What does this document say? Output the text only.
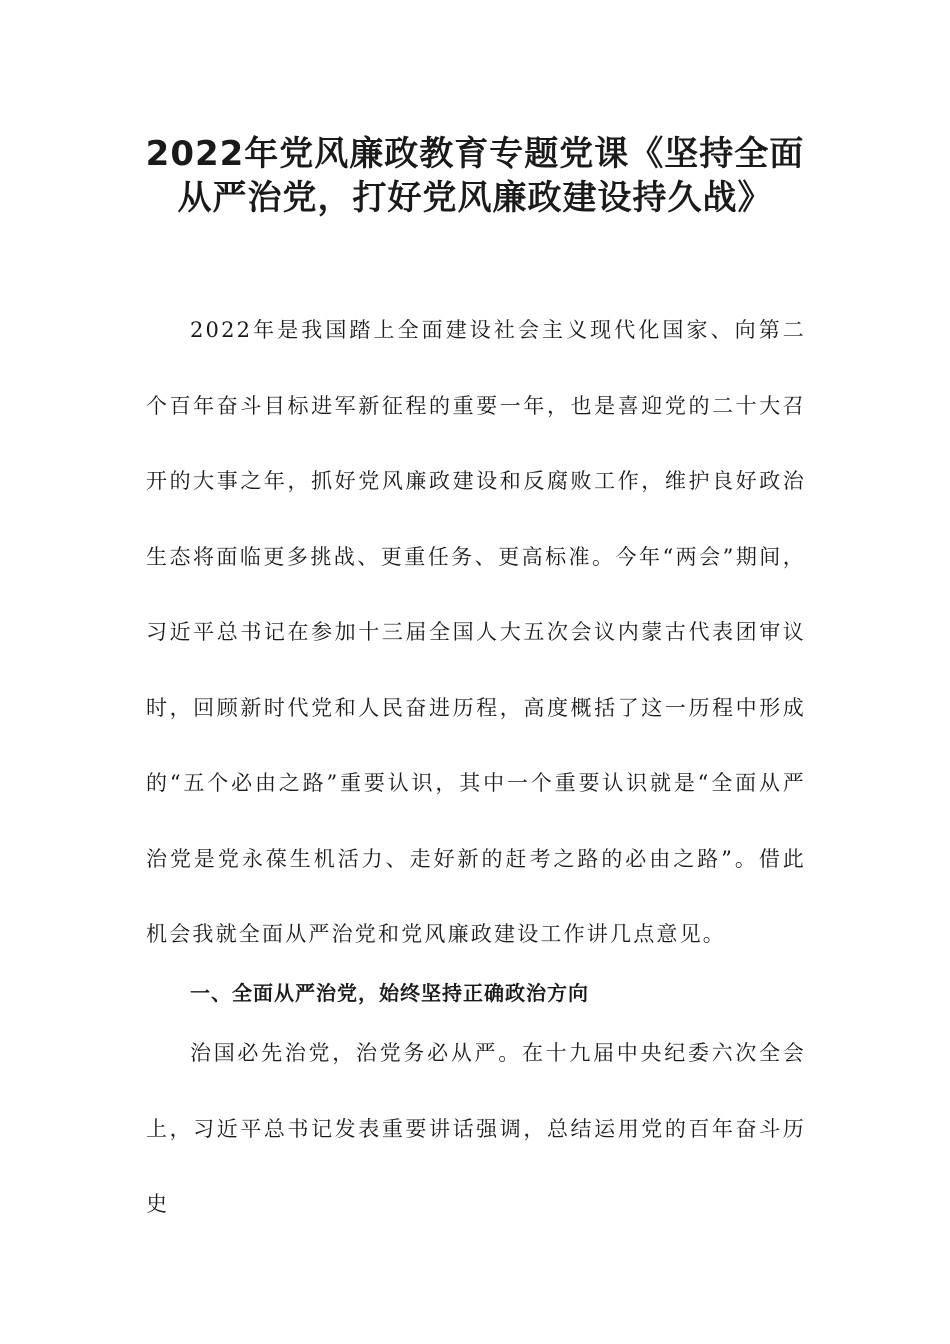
2022年党风廉政教育专题党课《坚持全面
从严治党，打好党风廉政建设持久战》

2022年是我国踏上全面建设社会主义现代化国家、向第二个百年奋斗目标进军新征程的重要一年，也是喜迎党的二十大召开的大事之年，抓好党风廉政建设和反腐败工作，维护良好政治生态将面临更多挑战、更重任务、更高标准。今年“两会”期间，习近平总书记在参加十三届全国人大五次会议内蒙古代表团审议时，回顾新时代党和人民奋进历程，高度概括了这一历程中形成的“五个必由之路”重要认识，其中一个重要认识就是“全面从严治党是党永葆生机活力、走好新的赶考之路的必由之路”。借此机会我就全面从严治党和党风廉政建设工作讲几点意见。

一、全面从严治党，始终坚持正确政治方向

治国必先治党，治党务必从严。在十九届中央纪委六次全会上，习近平总书记发表重要讲话强调，总结运用党的百年奋斗历史
